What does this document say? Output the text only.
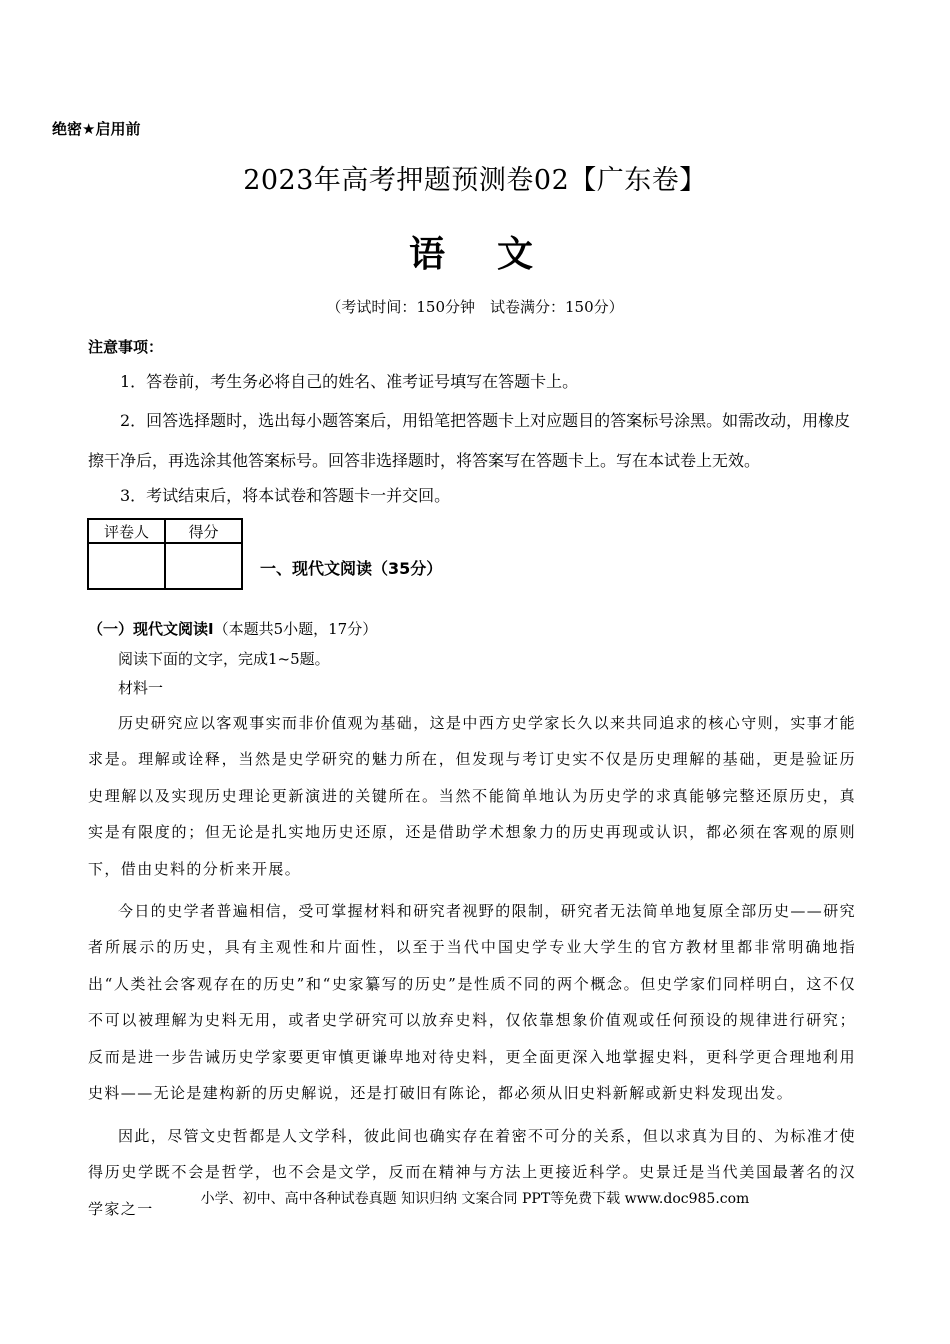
绝密★启用前
2023年高考押题预测卷02【广东卷】
语　文
（考试时间：150分钟　试卷满分：150分）
注意事项：
1．答卷前，考生务必将自己的姓名、准考证号填写在答题卡上。
2．回答选择题时，选出每小题答案后，用铅笔把答题卡上对应题目的答案标号涂黑。如需改动，用橡皮擦干净后，再选涂其他答案标号。回答非选择题时，将答案写在答题卡上。写在本试卷上无效。
3．考试结束后，将本试卷和答题卡一并交回。
评卷人	得分

一、现代文阅读（35分）
（一）现代文阅读Ⅰ（本题共5小题，17分）
阅读下面的文字，完成1~5题。
材料一
历史研究应以客观事实而非价值观为基础，这是中西方史学家长久以来共同追求的核心守则，实事才能求是。理解或诠释，当然是史学研究的魅力所在，但发现与考订史实不仅是历史理解的基础，更是验证历史理解以及实现历史理论更新演进的关键所在。当然不能简单地认为历史学的求真能够完整还原历史，真实是有限度的；但无论是扎实地历史还原，还是借助学术想象力的历史再现或认识，都必须在客观的原则下，借由史料的分析来开展。
今日的史学者普遍相信，受可掌握材料和研究者视野的限制，研究者无法简单地复原全部历史——研究者所展示的历史，具有主观性和片面性，以至于当代中国史学专业大学生的官方教材里都非常明确地指出“人类社会客观存在的历史”和“史家纂写的历史”是性质不同的两个概念。但史学家们同样明白，这不仅不可以被理解为史料无用，或者史学研究可以放弃史料，仅依靠想象价值观或任何预设的规律进行研究；反而是进一步告诫历史学家要更审慎更谦卑地对待史料，更全面更深入地掌握史料，更科学更合理地利用史料——无论是建构新的历史解说，还是打破旧有陈论，都必须从旧史料新解或新史料发现出发。
因此，尽管文史哲都是人文学科，彼此间也确实存在着密不可分的关系，但以求真为目的、为标准才使得历史学既不会是哲学，也不会是文学，反而在精神与方法上更接近科学。史景迁是当代美国最著名的汉学家之一
小学、初中、高中各种试卷真题 知识归纳 文案合同 PPT等免费下载 www.doc985.com
